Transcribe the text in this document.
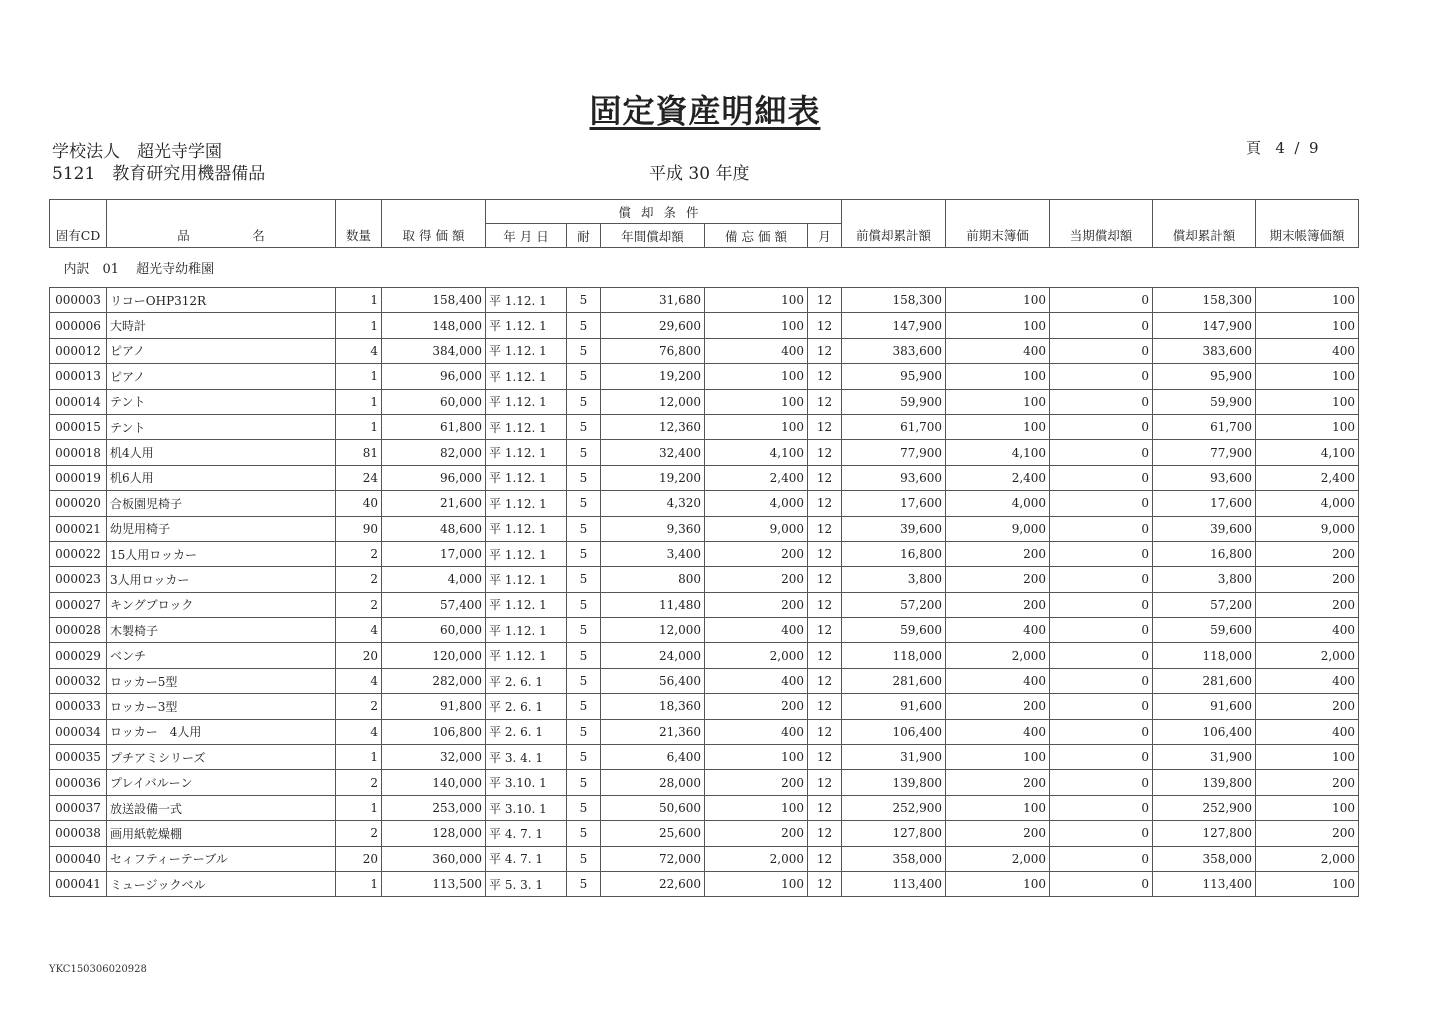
固定資産明細表
学校法人　超光寺学園	頁 4 / 9
5121　教育研究用機器備品	平成 30 年度
固有CD	品　　　　　名	数量	取 得 価 額	償却条件					前償却累計額	前期末簿価	当期償却額	償却累計額	期末帳簿価額
				年 月 日	耐	年間償却額	備 忘 価 額	月					
内訳　01　 超光寺幼稚園													
000003	リコーOHP312R	1	158,400	平 1.12. 1	5	31,680	100	12	158,300	100	0	158,300	100
000006	大時計	1	148,000	平 1.12. 1	5	29,600	100	12	147,900	100	0	147,900	100
000012	ピアノ	4	384,000	平 1.12. 1	5	76,800	400	12	383,600	400	0	383,600	400
000013	ピアノ	1	96,000	平 1.12. 1	5	19,200	100	12	95,900	100	0	95,900	100
000014	テント	1	60,000	平 1.12. 1	5	12,000	100	12	59,900	100	0	59,900	100
000015	テント	1	61,800	平 1.12. 1	5	12,360	100	12	61,700	100	0	61,700	100
000018	机4人用	81	82,000	平 1.12. 1	5	32,400	4,100	12	77,900	4,100	0	77,900	4,100
000019	机6人用	24	96,000	平 1.12. 1	5	19,200	2,400	12	93,600	2,400	0	93,600	2,400
000020	合板園児椅子	40	21,600	平 1.12. 1	5	4,320	4,000	12	17,600	4,000	0	17,600	4,000
000021	幼児用椅子	90	48,600	平 1.12. 1	5	9,360	9,000	12	39,600	9,000	0	39,600	9,000
000022	15人用ロッカー	2	17,000	平 1.12. 1	5	3,400	200	12	16,800	200	0	16,800	200
000023	3人用ロッカー	2	4,000	平 1.12. 1	5	800	200	12	3,800	200	0	3,800	200
000027	キングブロック	2	57,400	平 1.12. 1	5	11,480	200	12	57,200	200	0	57,200	200
000028	木製椅子	4	60,000	平 1.12. 1	5	12,000	400	12	59,600	400	0	59,600	400
000029	ベンチ	20	120,000	平 1.12. 1	5	24,000	2,000	12	118,000	2,000	0	118,000	2,000
000032	ロッカー5型	4	282,000	平 2. 6. 1	5	56,400	400	12	281,600	400	0	281,600	400
000033	ロッカー3型	2	91,800	平 2. 6. 1	5	18,360	200	12	91,600	200	0	91,600	200
000034	ロッカー　4人用	4	106,800	平 2. 6. 1	5	21,360	400	12	106,400	400	0	106,400	400
000035	プチアミシリーズ	1	32,000	平 3. 4. 1	5	6,400	100	12	31,900	100	0	31,900	100
000036	プレイバルーン	2	140,000	平 3.10. 1	5	28,000	200	12	139,800	200	0	139,800	200
000037	放送設備一式	1	253,000	平 3.10. 1	5	50,600	100	12	252,900	100	0	252,900	100
000038	画用紙乾燥棚	2	128,000	平 4. 7. 1	5	25,600	200	12	127,800	200	0	127,800	200
000040	セィフティーテーブル	20	360,000	平 4. 7. 1	5	72,000	2,000	12	358,000	2,000	0	358,000	2,000
000041	ミュージックベル	1	113,500	平 5. 3. 1	5	22,600	100	12	113,400	100	0	113,400	100
YKC150306020928
